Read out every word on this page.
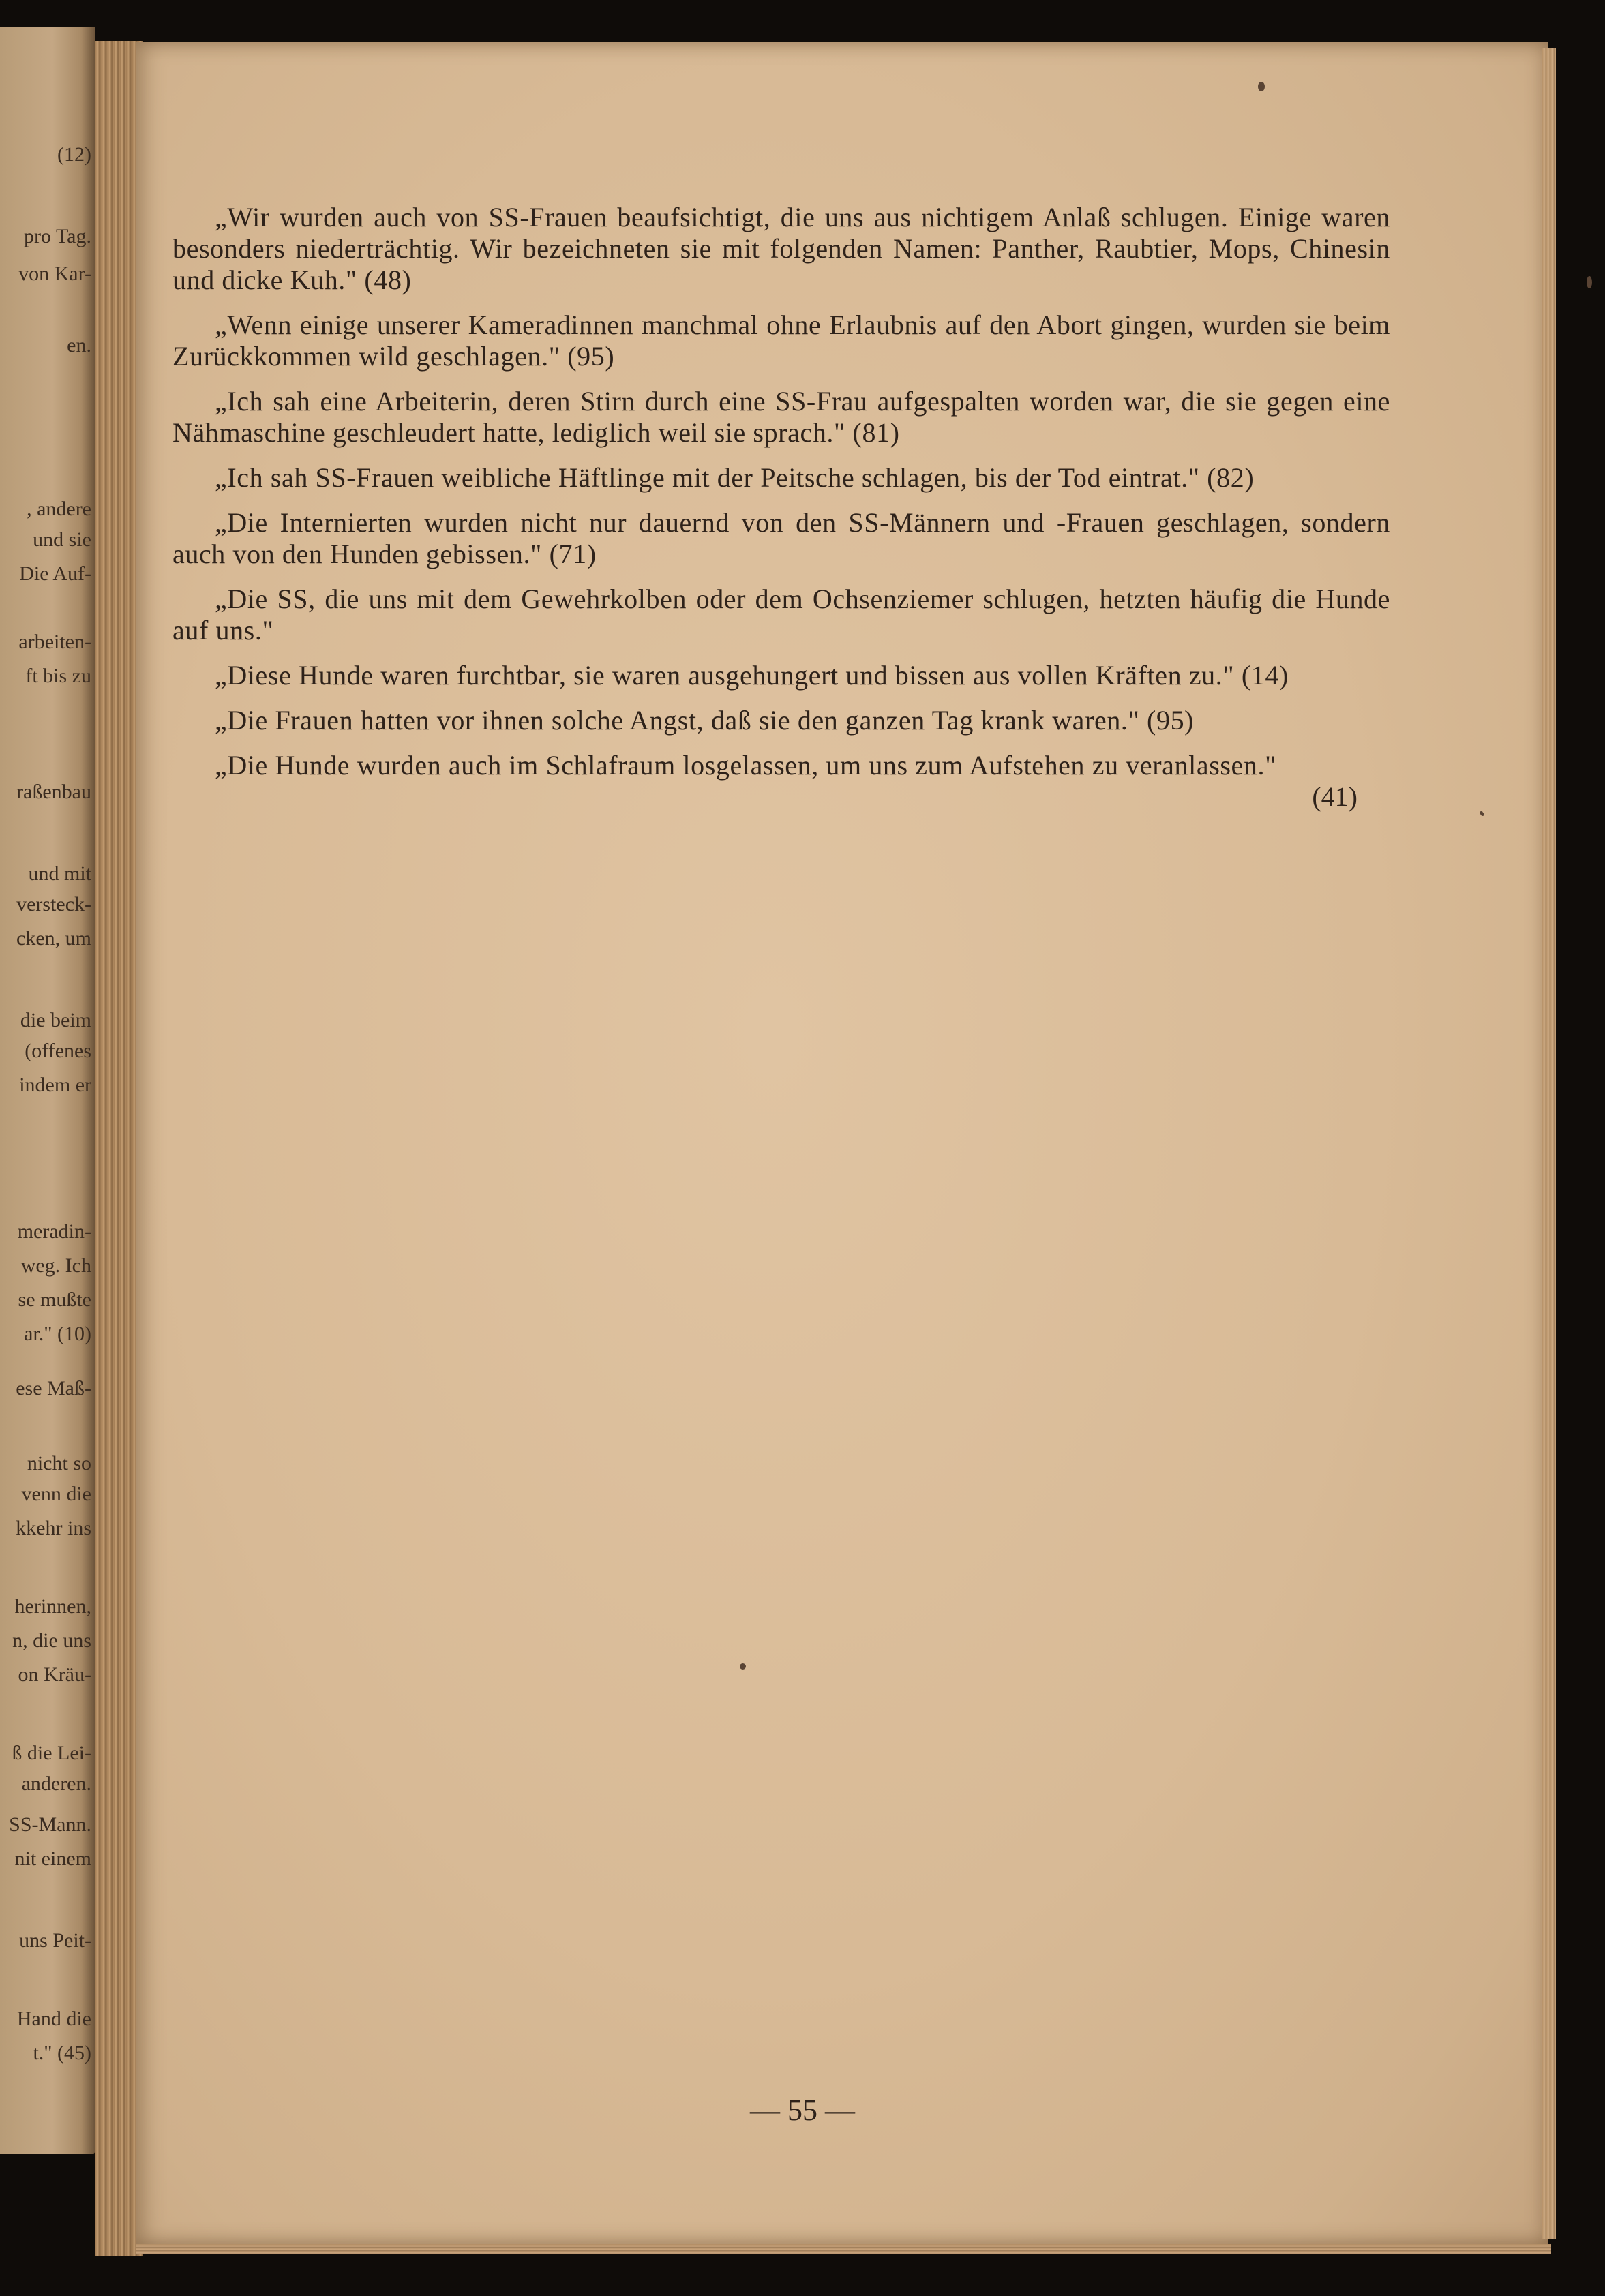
(12)
pro Tag.
von Kar-
en.
, andere
und sie
Die Auf-
arbeiten-
ft bis zu
raßenbau
und mit
versteck-
cken, um
die beim
(offenes
indem er
meradin-
weg. Ich
se mußte
ar." (10)
ese Maß-
nicht so
venn die
kkehr ins
herinnen,
n, die uns
on Kräu-
ß die Lei-
anderen.
SS-Mann.
nit einem
uns Peit-
Hand die
t." (45)

„Wir wurden auch von SS-Frauen beaufsichtigt, die uns aus nichtigem Anlaß schlugen. Einige waren besonders niederträchtig. Wir bezeichneten sie mit folgenden Namen: Panther, Raubtier, Mops, Chinesin und dicke Kuh." (48)

„Wenn einige unserer Kameradinnen manchmal ohne Erlaubnis auf den Abort gingen, wurden sie beim Zurückkommen wild geschlagen." (95)

„Ich sah eine Arbeiterin, deren Stirn durch eine SS-Frau aufgespalten worden war, die sie gegen eine Nähmaschine geschleudert hatte, lediglich weil sie sprach." (81)

„Ich sah SS-Frauen weibliche Häftlinge mit der Peitsche schlagen, bis der Tod eintrat." (82)

„Die Internierten wurden nicht nur dauernd von den SS-Männern und -Frauen geschlagen, sondern auch von den Hunden gebissen." (71)

„Die SS, die uns mit dem Gewehrkolben oder dem Ochsenziemer schlugen, hetzten häufig die Hunde auf uns."

„Diese Hunde waren furchtbar, sie waren ausgehungert und bissen aus vollen Kräften zu." (14)

„Die Frauen hatten vor ihnen solche Angst, daß sie den ganzen Tag krank waren." (95)

„Die Hunde wurden auch im Schlafraum losgelassen, um uns zum Aufstehen zu veranlassen."

(41)
— 55 —
